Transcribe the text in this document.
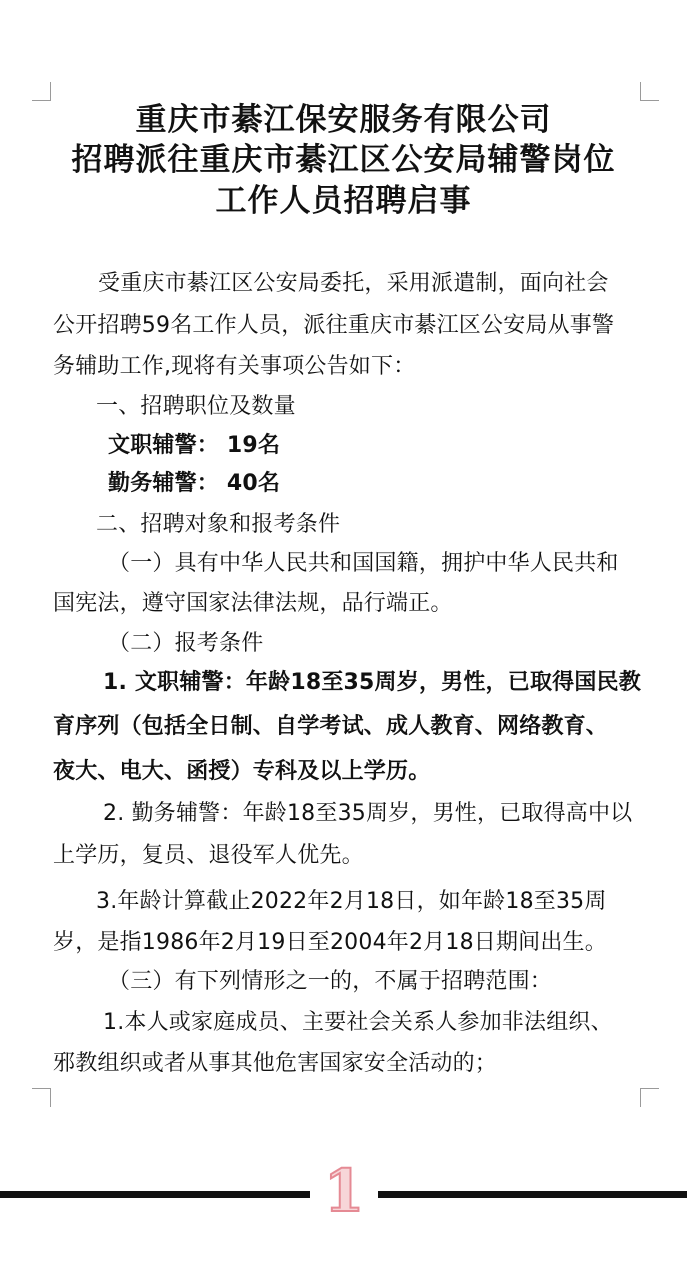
重庆市綦江保安服务有限公司
招聘派往重庆市綦江区公安局辅警岗位
工作人员招聘启事
受重庆市綦江区公安局委托，采用派遣制，面向社会
公开招聘59名工作人员，派往重庆市綦江区公安局从事警
务辅助工作,现将有关事项公告如下：
一、招聘职位及数量
文职辅警： 19名
勤务辅警： 40名
二、招聘对象和报考条件
（一）具有中华人民共和国国籍，拥护中华人民共和
国宪法，遵守国家法律法规，品行端正。
（二）报考条件
1. 文职辅警：年龄18至35周岁，男性，已取得国民教
育序列（包括全日制、自学考试、成人教育、网络教育、
夜大、电大、函授）专科及以上学历。
2. 勤务辅警：年龄18至35周岁，男性，已取得高中以
上学历，复员、退役军人优先。
3.年龄计算截止2022年2月18日，如年龄18至35周
岁，是指1986年2月19日至2004年2月18日期间出生。
（三）有下列情形之一的，不属于招聘范围：
1.本人或家庭成员、主要社会关系人参加非法组织、
邪教组织或者从事其他危害国家安全活动的；
1
